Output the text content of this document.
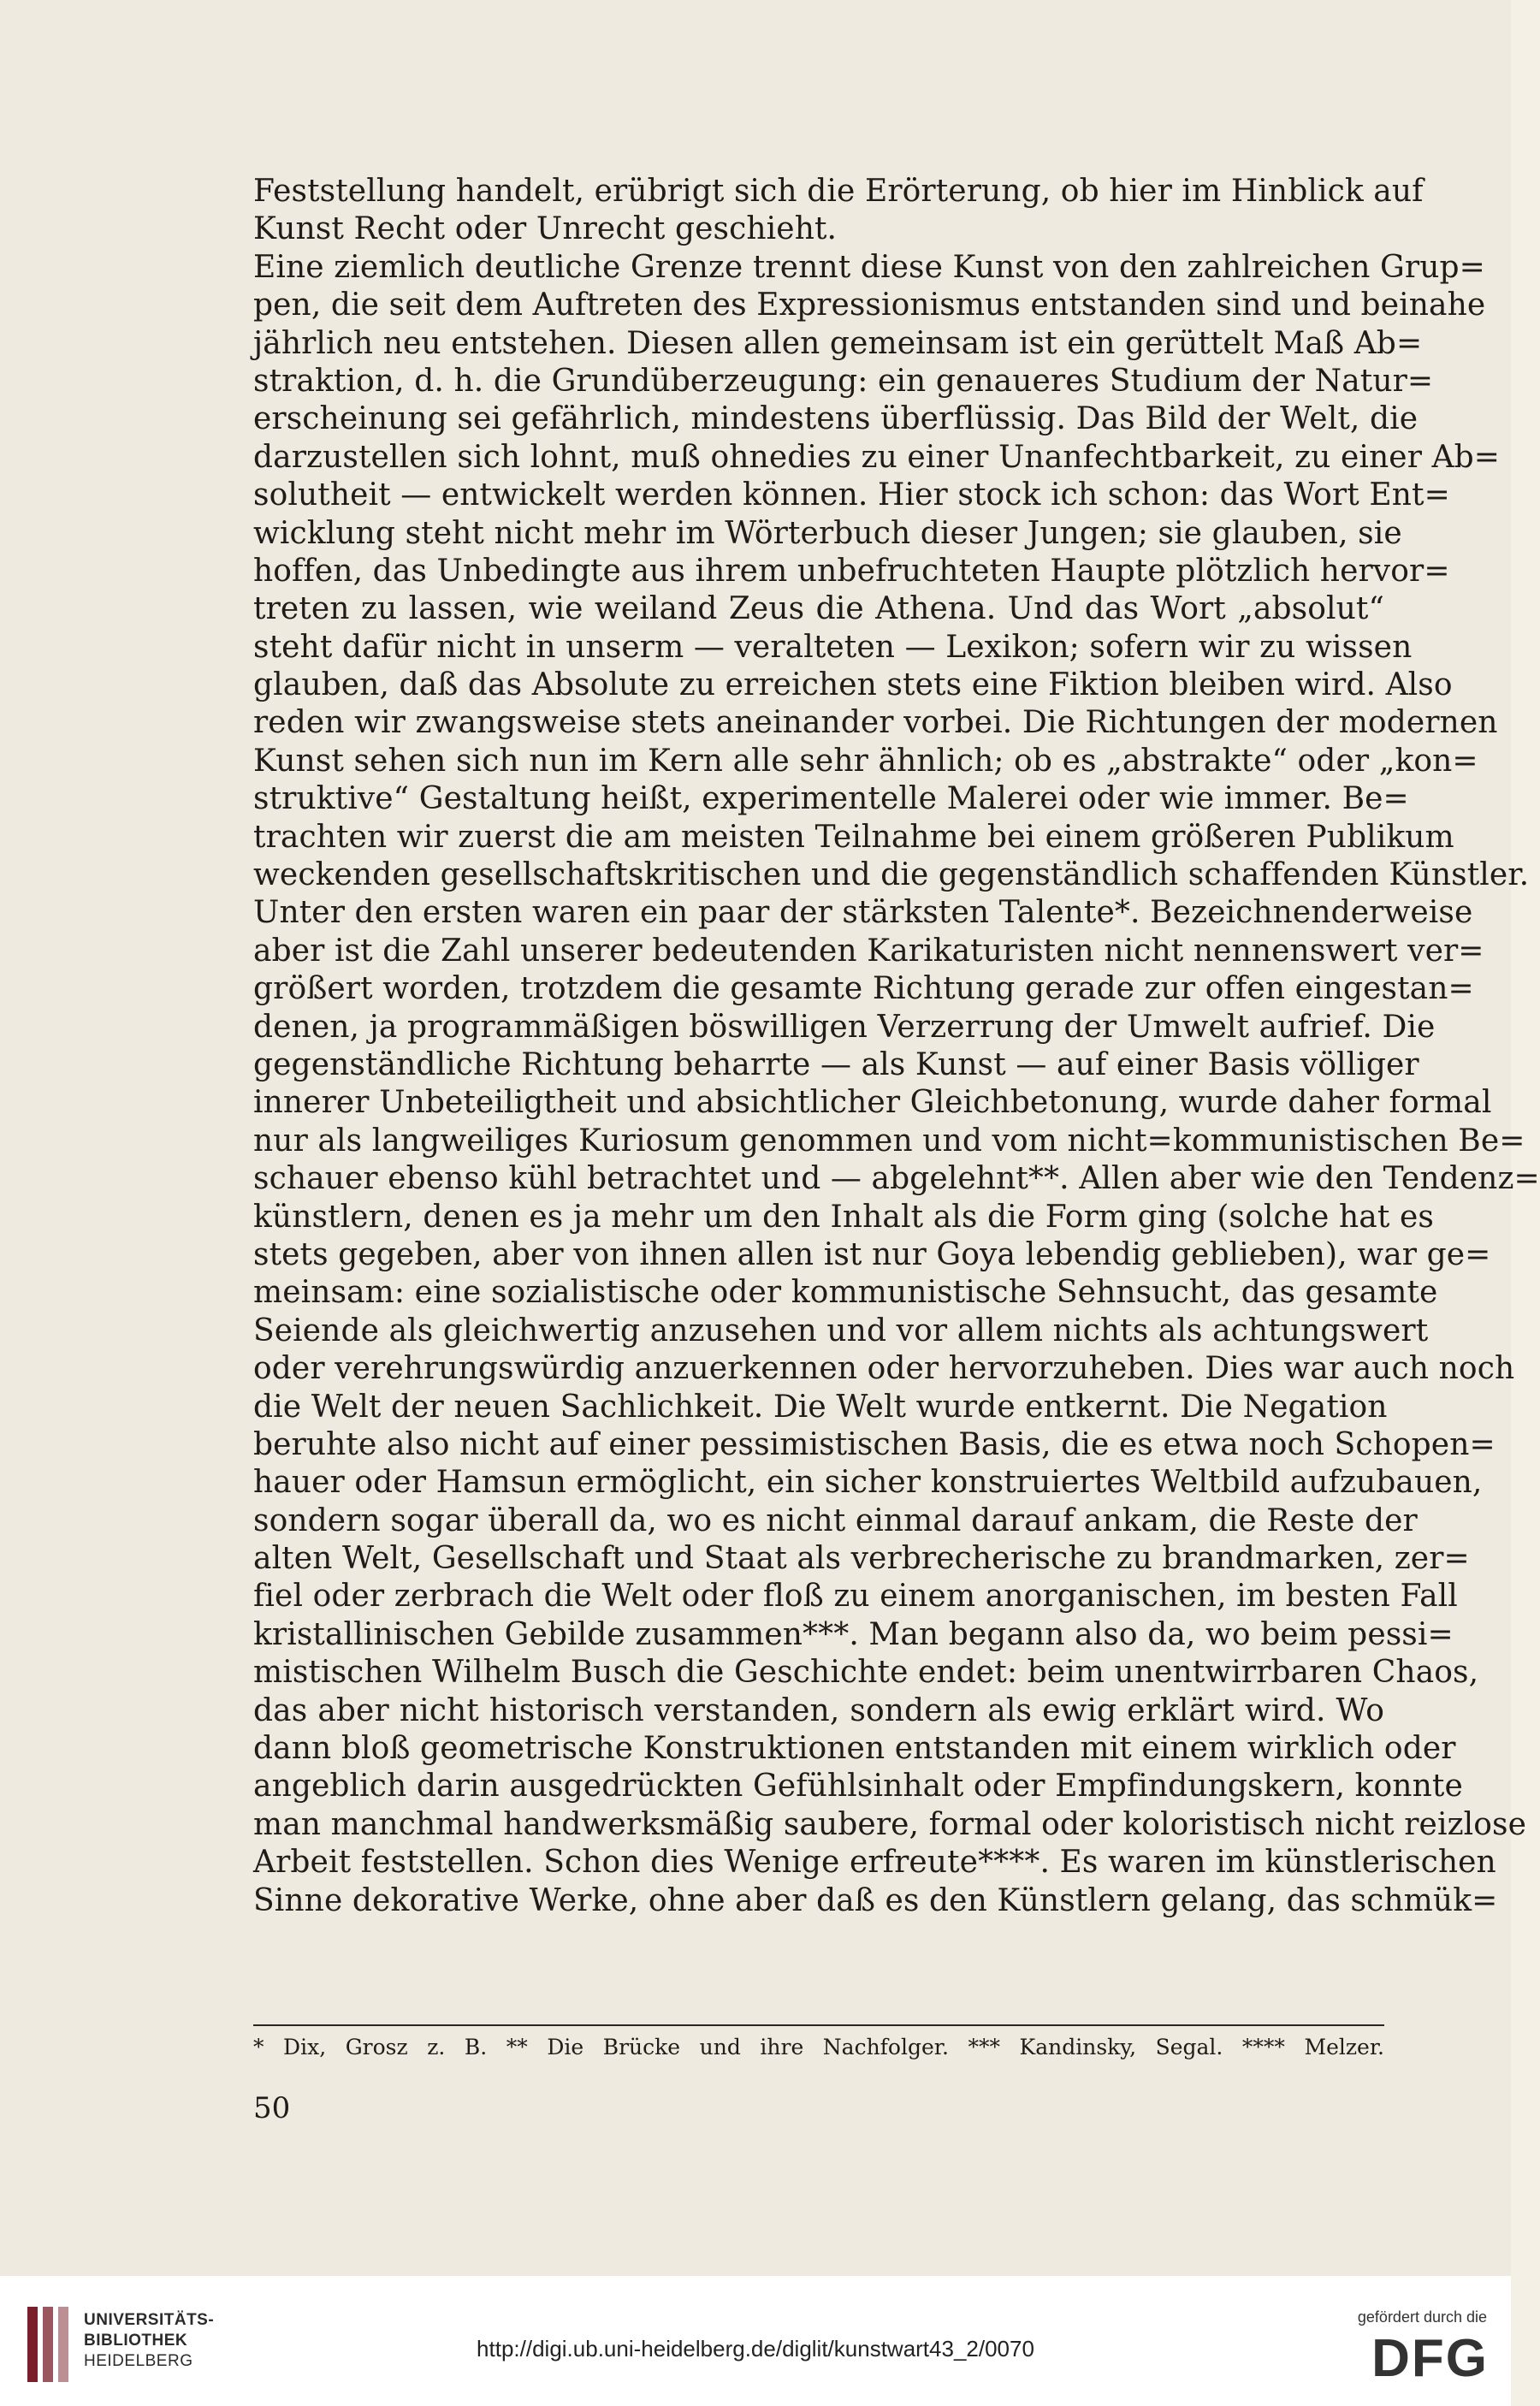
Feststellung handelt, erübrigt sich die Erörterung, ob hier im Hinblick auf
Kunst Recht oder Unrecht geschieht.
Eine ziemlich deutliche Grenze trennt diese Kunst von den zahlreichen Grup=
pen, die seit dem Auftreten des Expressionismus entstanden sind und beinahe
jährlich neu entstehen. Diesen allen gemeinsam ist ein gerüttelt Maß Ab=
straktion, d. h. die Grundüberzeugung: ein genaueres Studium der Natur=
erscheinung sei gefährlich, mindestens überflüssig. Das Bild der Welt, die
darzustellen sich lohnt, muß ohnedies zu einer Unanfechtbarkeit, zu einer Ab=
solutheit — entwickelt werden können. Hier stock ich schon: das Wort Ent=
wicklung steht nicht mehr im Wörterbuch dieser Jungen; sie glauben, sie
hoffen, das Unbedingte aus ihrem unbefruchteten Haupte plötzlich hervor=
treten zu lassen, wie weiland Zeus die Athena. Und das Wort „absolut“
steht dafür nicht in unserm — veralteten — Lexikon; sofern wir zu wissen
glauben, daß das Absolute zu erreichen stets eine Fiktion bleiben wird. Also
reden wir zwangsweise stets aneinander vorbei. Die Richtungen der modernen
Kunst sehen sich nun im Kern alle sehr ähnlich; ob es „abstrakte“ oder „kon=
struktive“ Gestaltung heißt, experimentelle Malerei oder wie immer. Be=
trachten wir zuerst die am meisten Teilnahme bei einem größeren Publikum
weckenden gesellschaftskritischen und die gegenständlich schaffenden Künstler.
Unter den ersten waren ein paar der stärksten Talente*. Bezeichnenderweise
aber ist die Zahl unserer bedeutenden Karikaturisten nicht nennenswert ver=
größert worden, trotzdem die gesamte Richtung gerade zur offen eingestan=
denen, ja programmäßigen böswilligen Verzerrung der Umwelt aufrief. Die
gegenständliche Richtung beharrte — als Kunst — auf einer Basis völliger
innerer Unbeteiligtheit und absichtlicher Gleichbetonung, wurde daher formal
nur als langweiliges Kuriosum genommen und vom nicht=kommunistischen Be=
schauer ebenso kühl betrachtet und — abgelehnt**. Allen aber wie den Tendenz=
künstlern, denen es ja mehr um den Inhalt als die Form ging (solche hat es
stets gegeben, aber von ihnen allen ist nur Goya lebendig geblieben), war ge=
meinsam: eine sozialistische oder kommunistische Sehnsucht, das gesamte
Seiende als gleichwertig anzusehen und vor allem nichts als achtungswert
oder verehrungswürdig anzuerkennen oder hervorzuheben. Dies war auch noch
die Welt der neuen Sachlichkeit. Die Welt wurde entkernt. Die Negation
beruhte also nicht auf einer pessimistischen Basis, die es etwa noch Schopen=
hauer oder Hamsun ermöglicht, ein sicher konstruiertes Weltbild aufzubauen,
sondern sogar überall da, wo es nicht einmal darauf ankam, die Reste der
alten Welt, Gesellschaft und Staat als verbrecherische zu brandmarken, zer=
fiel oder zerbrach die Welt oder floß zu einem anorganischen, im besten Fall
kristallinischen Gebilde zusammen***. Man begann also da, wo beim pessi=
mistischen Wilhelm Busch die Geschichte endet: beim unentwirrbaren Chaos,
das aber nicht historisch verstanden, sondern als ewig erklärt wird. Wo
dann bloß geometrische Konstruktionen entstanden mit einem wirklich oder
angeblich darin ausgedrückten Gefühlsinhalt oder Empfindungskern, konnte
man manchmal handwerksmäßig saubere, formal oder koloristisch nicht reizlose
Arbeit feststellen. Schon dies Wenige erfreute****. Es waren im künstlerischen
Sinne dekorative Werke, ohne aber daß es den Künstlern gelang, das schmük=
* Dix, Grosz z. B. ** Die Brücke und ihre Nachfolger. *** Kandinsky, Segal. **** Melzer.
50
UNIVERSITÄTS-
BIBLIOTHEK
HEIDELBERG	http://digi.ub.uni-heidelberg.de/diglit/kunstwart43_2/0070
gefördert durch die
DFG
